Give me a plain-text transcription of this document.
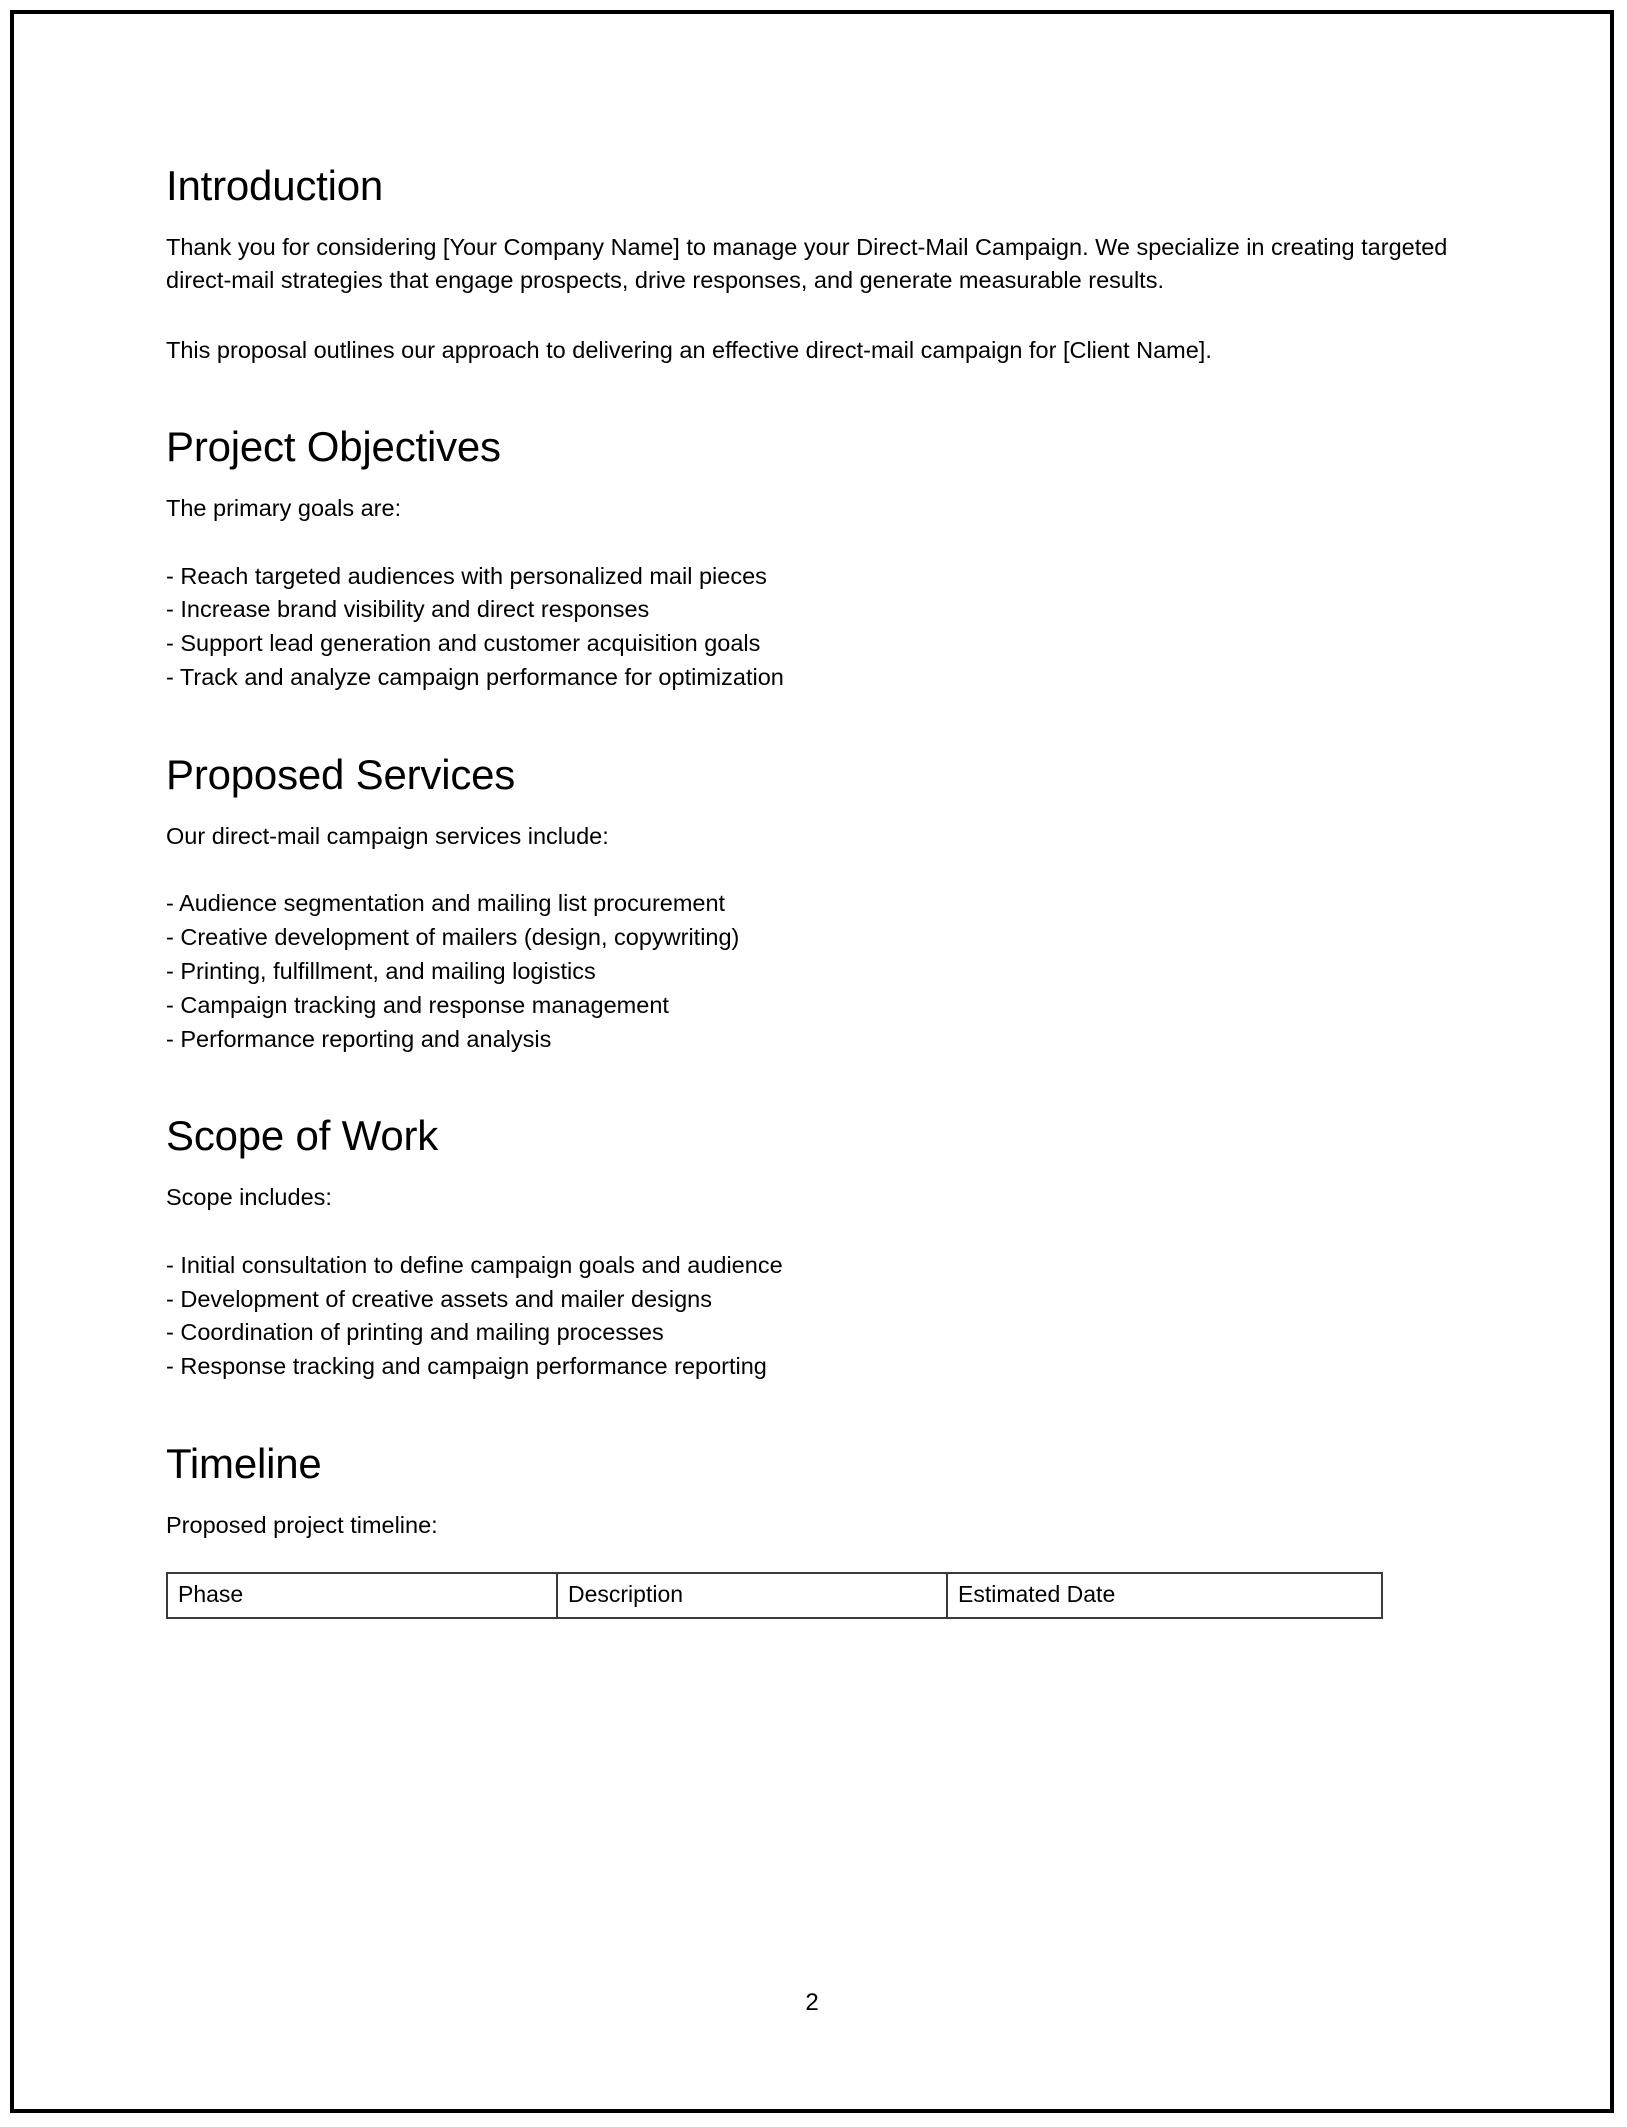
Introduction

Thank you for considering [Your Company Name] to manage your Direct-Mail Campaign. We specialize in creating targeted direct-mail strategies that engage prospects, drive responses, and generate measurable results.

This proposal outlines our approach to delivering an effective direct-mail campaign for [Client Name].

Project Objectives

The primary goals are:

- Reach targeted audiences with personalized mail pieces
- Increase brand visibility and direct responses
- Support lead generation and customer acquisition goals
- Track and analyze campaign performance for optimization
Proposed Services

Our direct-mail campaign services include:

- Audience segmentation and mailing list procurement
- Creative development of mailers (design, copywriting)
- Printing, fulfillment, and mailing logistics
- Campaign tracking and response management
- Performance reporting and analysis
Scope of Work

Scope includes:

- Initial consultation to define campaign goals and audience
- Development of creative assets and mailer designs
- Coordination of printing and mailing processes
- Response tracking and campaign performance reporting
Timeline

Proposed project timeline:

Phase	Description	Estimated Date
2
